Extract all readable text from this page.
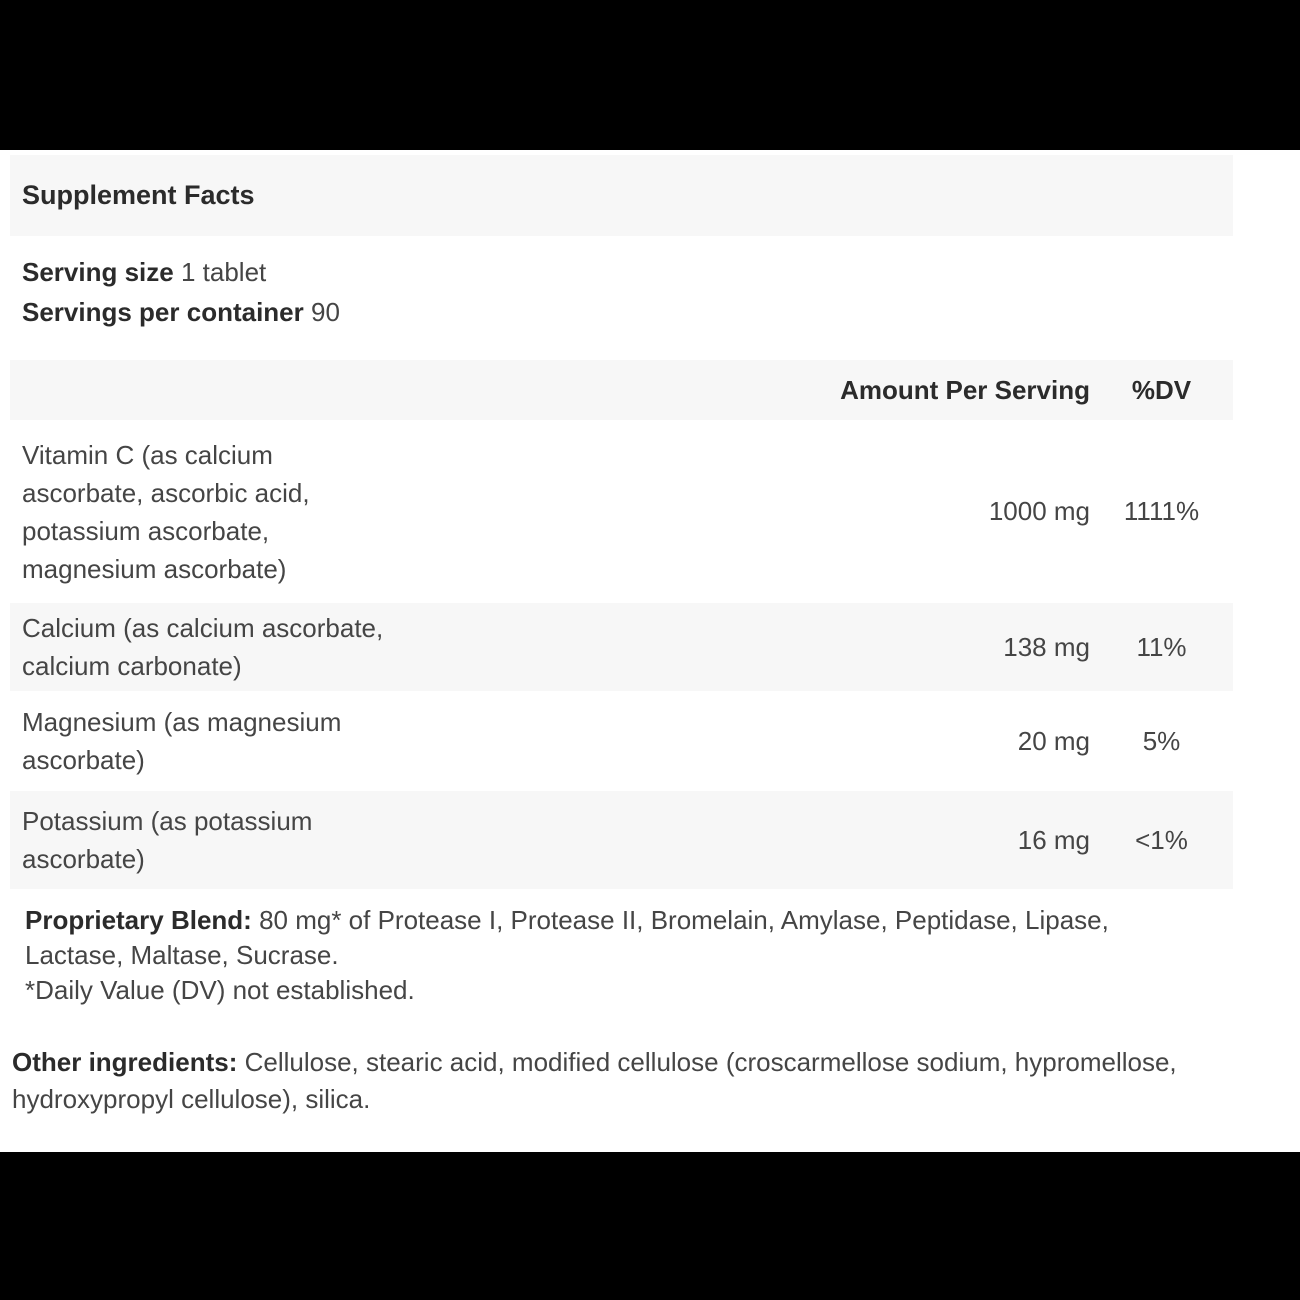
Supplement Facts
Serving size 1 tablet
Servings per container 90
Amount Per Serving	%DV
Vitamin C (as calcium ascorbate, ascorbic acid, potassium ascorbate, magnesium ascorbate)
1000 mg	1111%
Calcium (as calcium ascorbate, calcium carbonate)
138 mg	11%
Magnesium (as magnesium ascorbate)
20 mg	5%
Potassium (as potassium ascorbate)
16 mg	<1%
Proprietary Blend: 80 mg* of Protease I, Protease II, Bromelain, Amylase, Peptidase, Lipase, Lactase, Maltase, Sucrase.
*Daily Value (DV) not established.
Other ingredients: Cellulose, stearic acid, modified cellulose (croscarmellose sodium, hypromellose, hydroxypropyl cellulose), silica.
